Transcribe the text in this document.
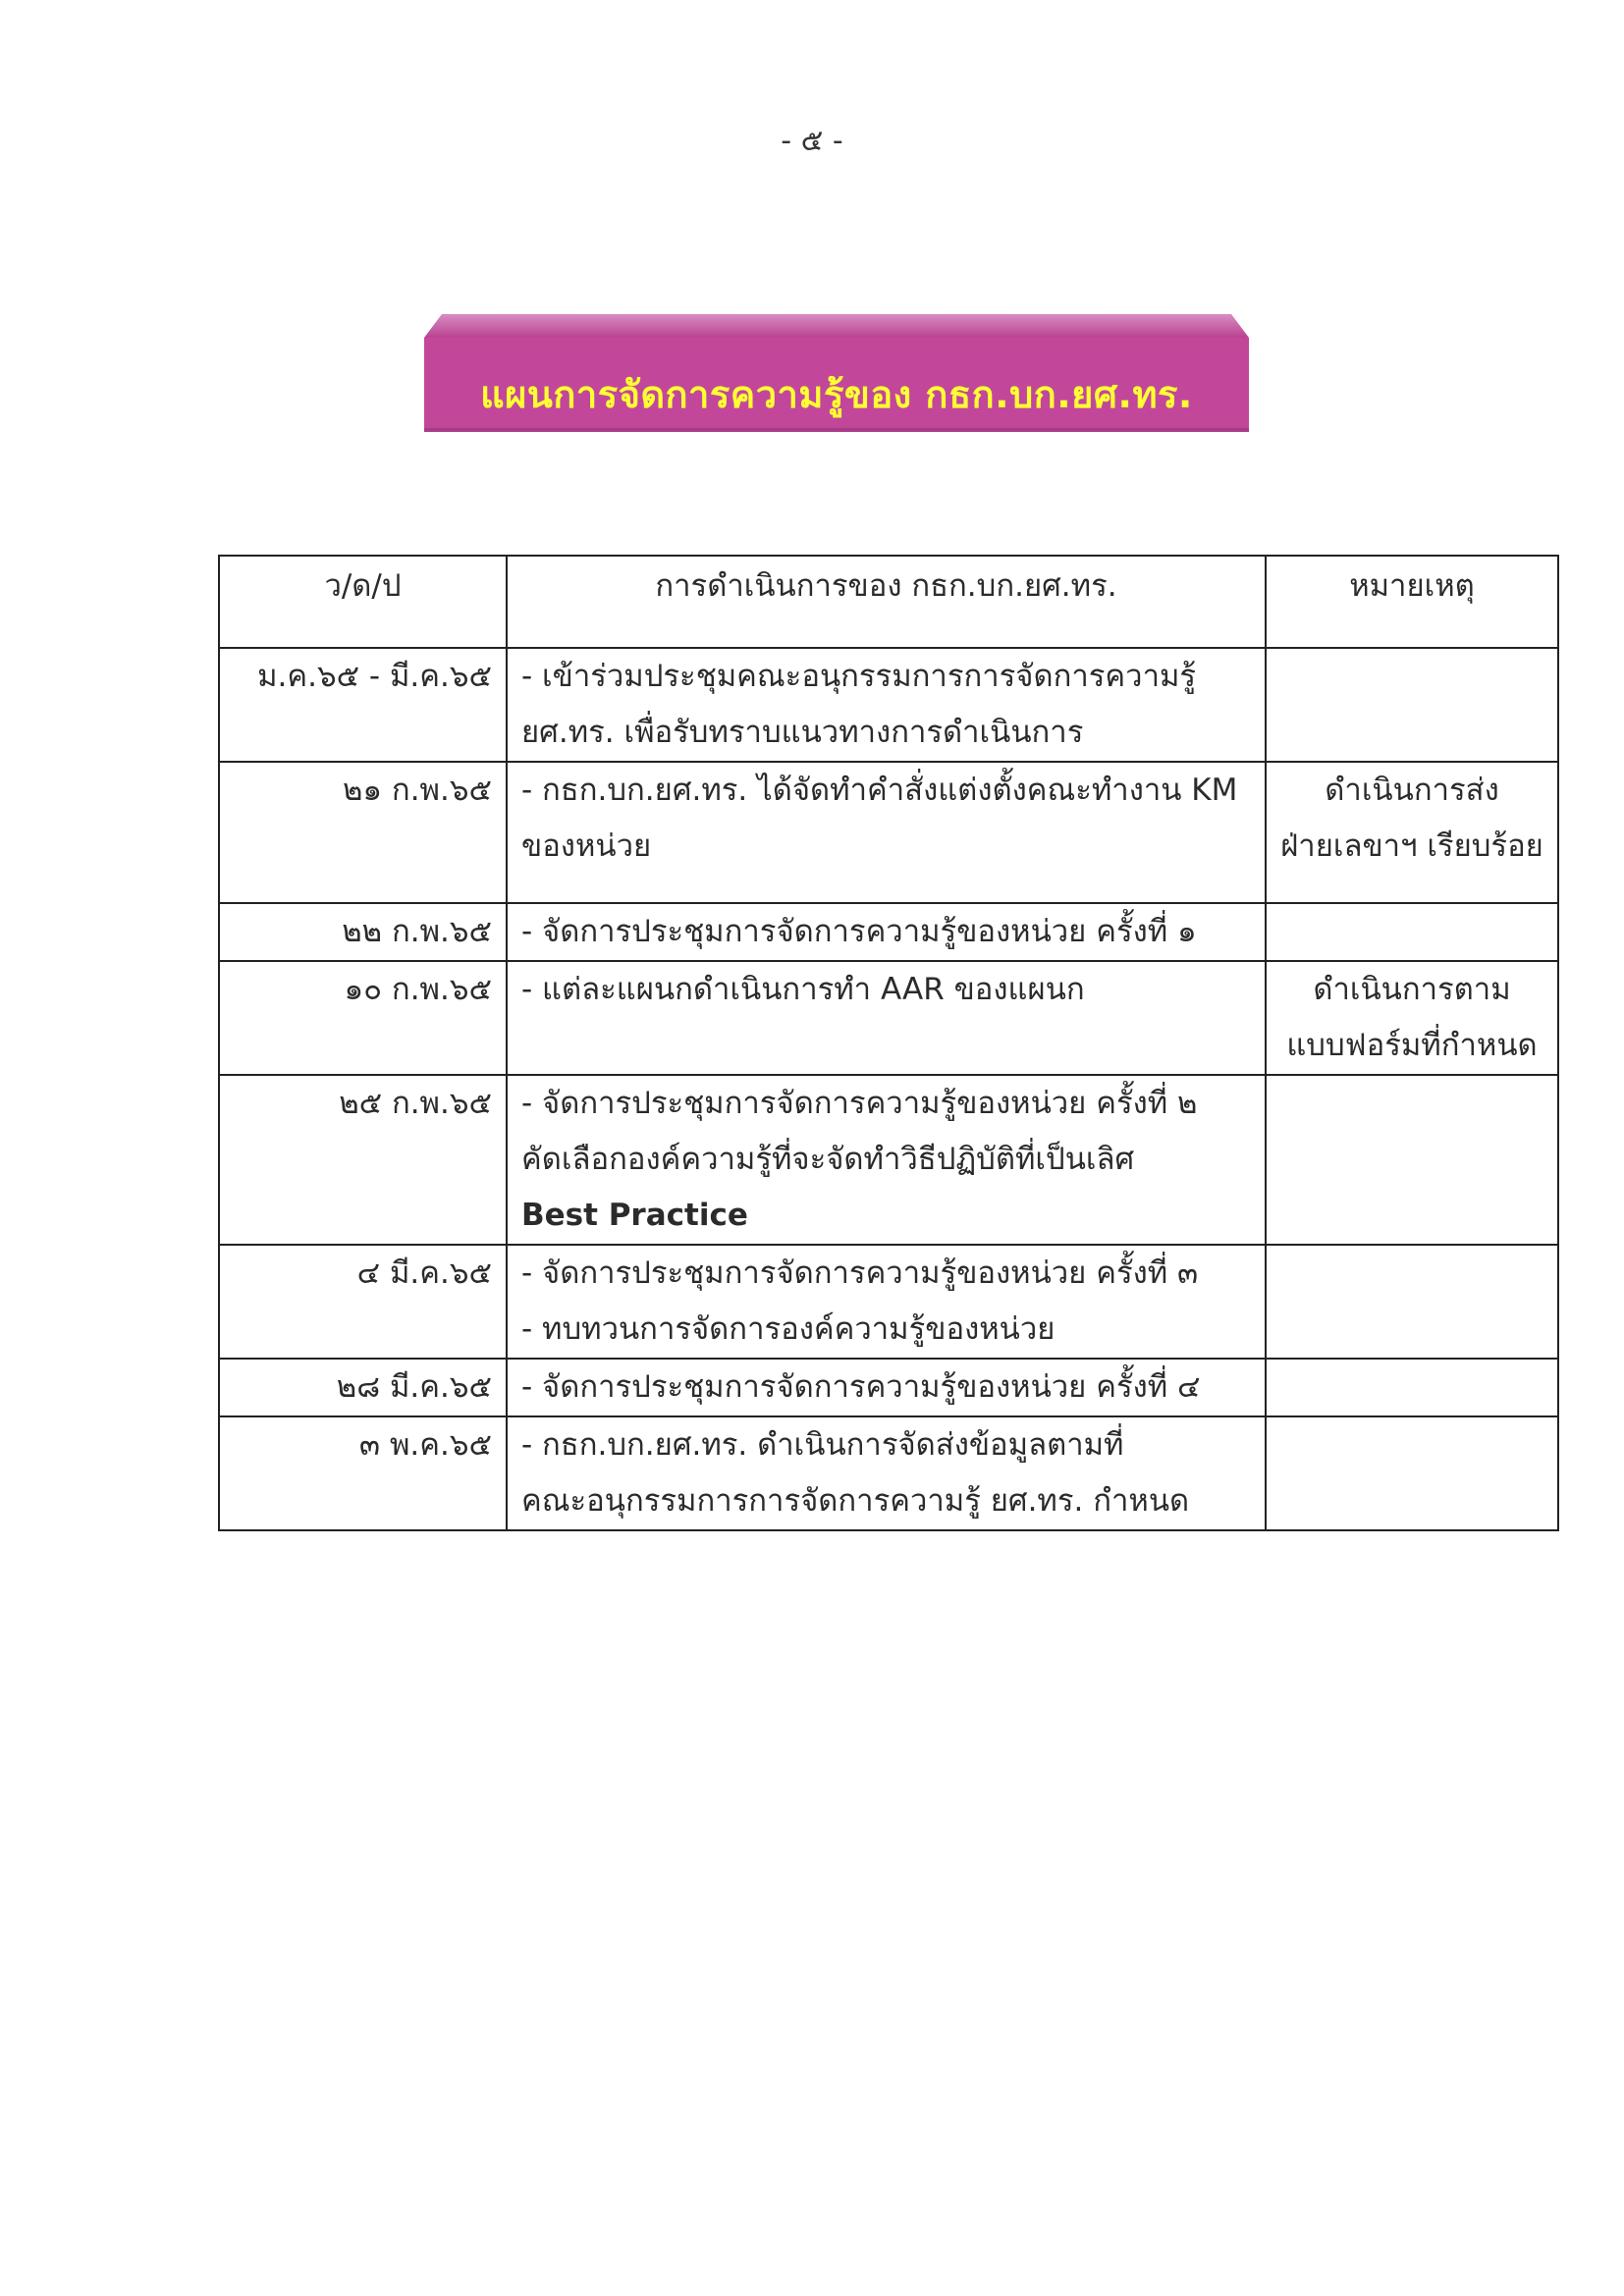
- ๕ -
แผนการจัดการความรู้ของ กธก.บก.ยศ.ทร.
ว/ด/ป	การดำเนินการของ กธก.บก.ยศ.ทร.	หมายเหตุ
ม.ค.๖๕ - มี.ค.๖๕	- เข้าร่วมประชุมคณะอนุกรรมการการจัดการความรู้
ยศ.ทร. เพื่อรับทราบแนวทางการดำเนินการ	

๒๑ ก.พ.๖๕	- กธก.บก.ยศ.ทร. ได้จัดทำคำสั่งแต่งตั้งคณะทำงาน KM
ของหน่วย	ดำเนินการส่ง
ฝ่ายเลขาฯ เรียบร้อย

๒๒ ก.พ.๖๕	- จัดการประชุมการจัดการความรู้ของหน่วย ครั้งที่ ๑	

๑๐ ก.พ.๖๕	- แต่ละแผนกดำเนินการทำ AAR ของแผนก	ดำเนินการตาม
แบบฟอร์มที่กำหนด

๒๕ ก.พ.๖๕	- จัดการประชุมการจัดการความรู้ของหน่วย ครั้งที่ ๒
คัดเลือกองค์ความรู้ที่จะจัดทำวิธีปฏิบัติที่เป็นเลิศ
Best Practice	

๔ มี.ค.๖๕	- จัดการประชุมการจัดการความรู้ของหน่วย ครั้งที่ ๓
- ทบทวนการจัดการองค์ความรู้ของหน่วย	

๒๘ มี.ค.๖๕	- จัดการประชุมการจัดการความรู้ของหน่วย ครั้งที่ ๔	

๓ พ.ค.๖๕	- กธก.บก.ยศ.ทร. ดำเนินการจัดส่งข้อมูลตามที่
คณะอนุกรรมการการจัดการความรู้ ยศ.ทร. กำหนด	
